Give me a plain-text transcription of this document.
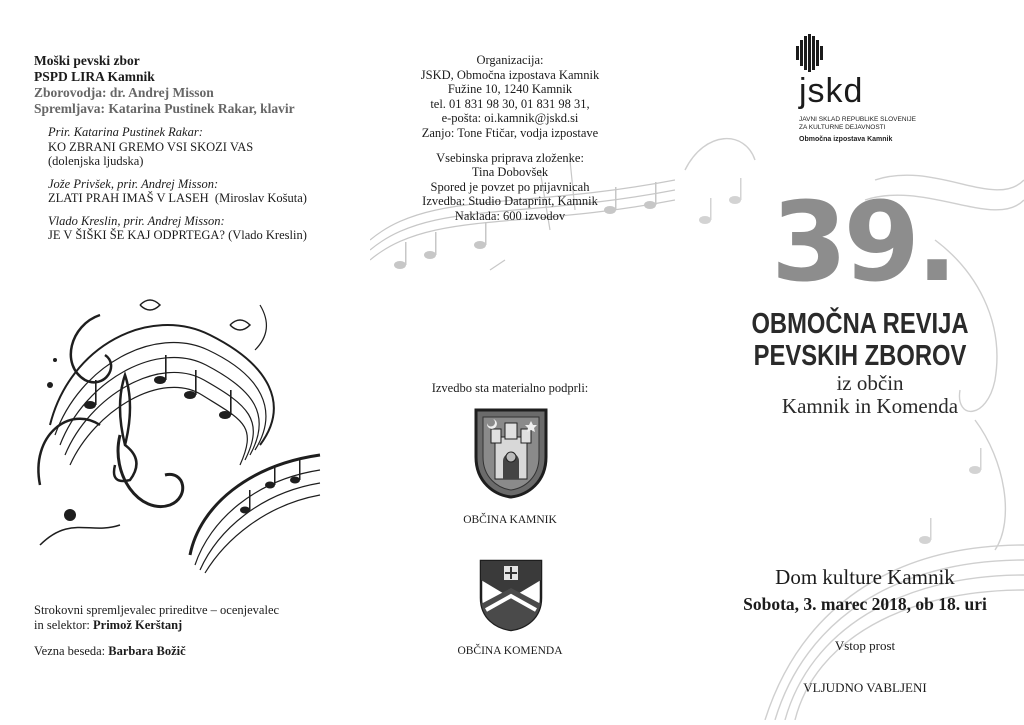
Moški pevski zbor
PSPD LIRA Kamnik
Zborovodja: dr. Andrej Misson
Spremljava: Katarina Pustinek Rakar, klavir
Prir. Katarina Pustinek Rakar:
KO ZBRANI GREMO VSI SKOZI VAS
(dolenjska ljudska)
Jože Privšek, prir. Andrej Misson:
ZLATI PRAH IMAŠ V LASEH (Miroslav Košuta)
Vlado Kreslin, prir. Andrej Misson:
JE V ŠIŠKI ŠE KAJ ODPRTEGA? (Vlado Kreslin)
Strokovni spremljevalec prireditve – ocenjevalec
in selektor: Primož Kerštanj
Vezna beseda: Barbara Božič
Organizacija:
JSKD, Območna izpostava Kamnik
Fužine 10, 1240 Kamnik
tel. 01 831 98 30, 01 831 98 31,
e-pošta: oi.kamnik@jskd.si
Zanjo: Tone Ftičar, vodja izpostave
Vsebinska priprava zloženke:
Tina Dobovšek
Spored je povzet po prijavnicah
Izvedba: Studio Dataprint, Kamnik
Naklada: 600 izvodov
Izvedbo sta materialno podprli:
OBČINA KAMNIK
OBČINA KOMENDA
jskd
JAVNI SKLAD REPUBLIKE SLOVENIJE
ZA KULTURNE DEJAVNOSTI
Območna izpostava Kamnik
39.
OBMOČNA REVIJA
PEVSKIH ZBOROV
iz občin
Kamnik in Komenda
Dom kulture Kamnik
Sobota, 3. marec 2018, ob 18. uri
Vstop prost
VLJUDNO VABLJENI
